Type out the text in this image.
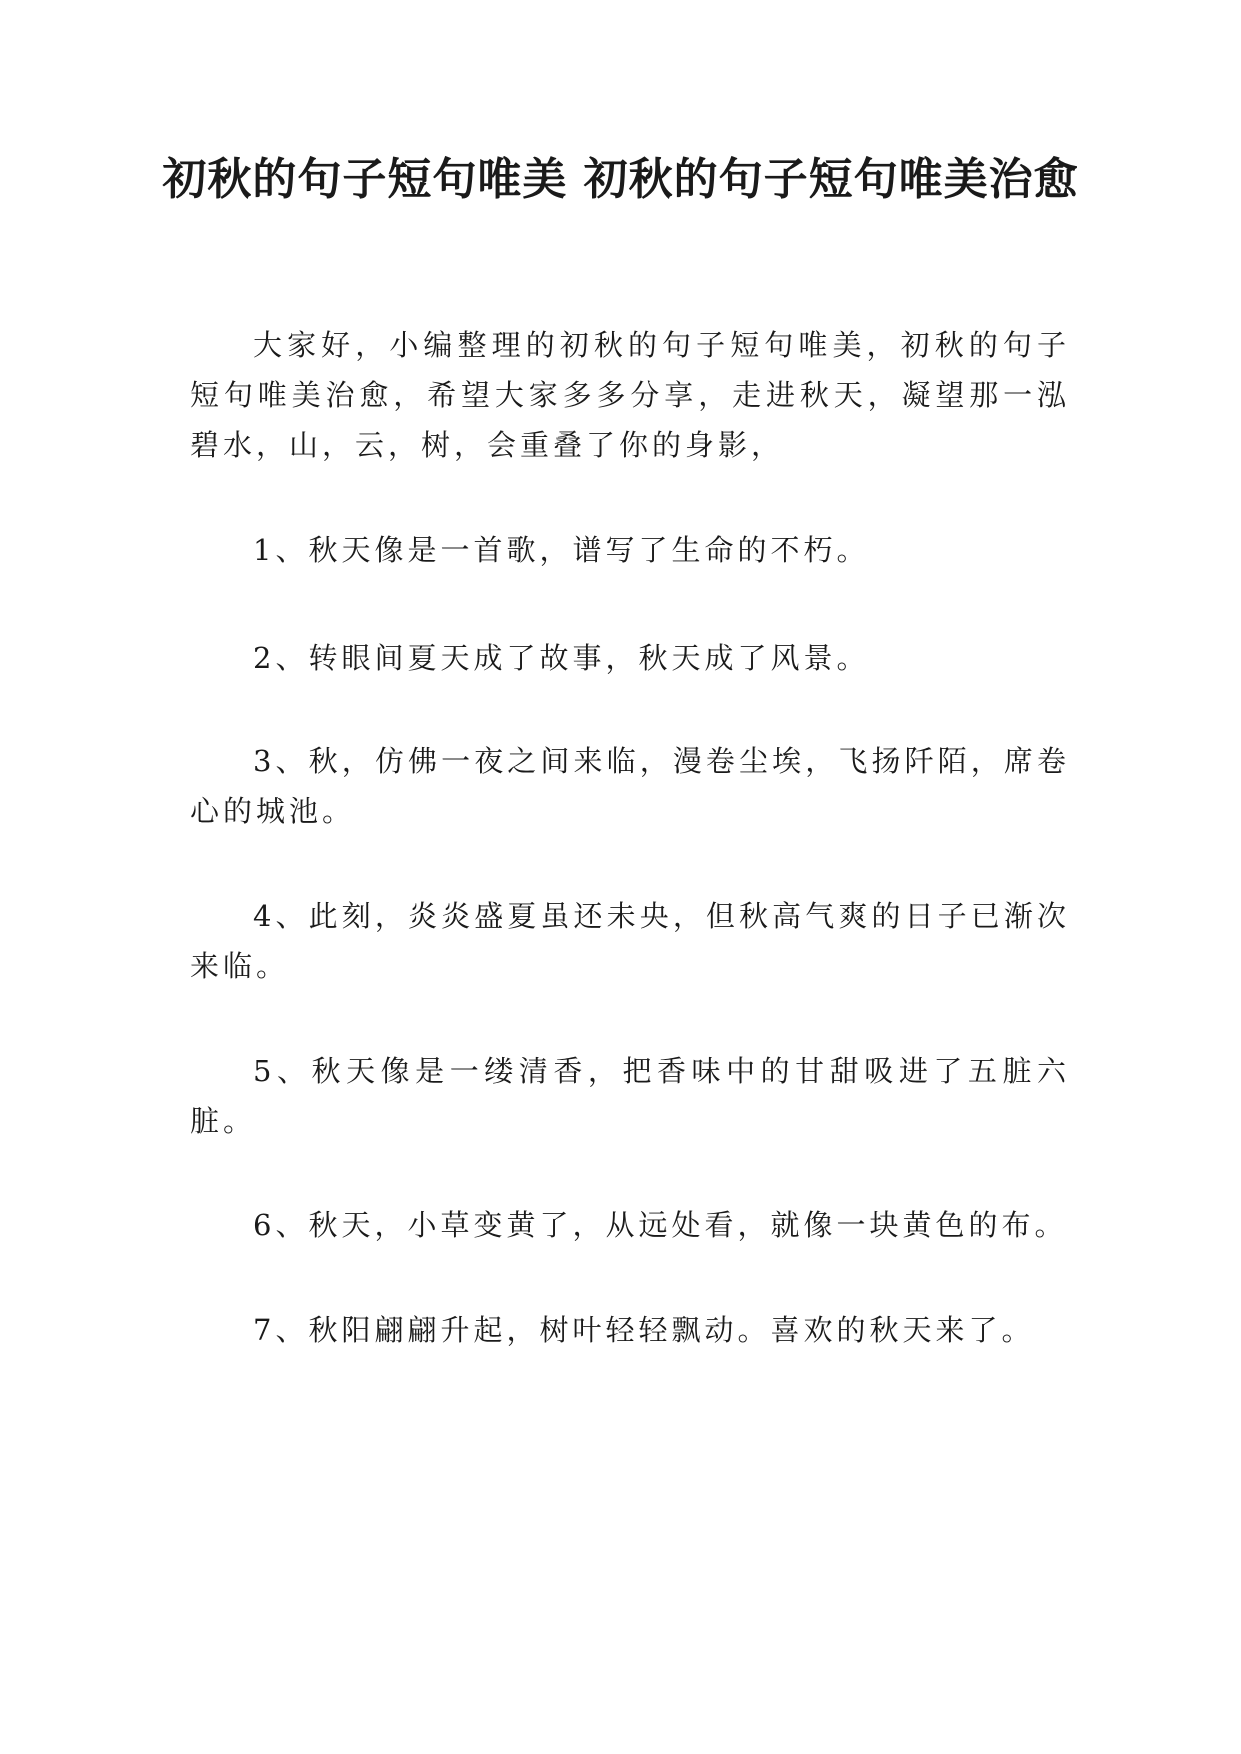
初秋的句子短句唯美 初秋的句子短句唯美治愈

大家好，小编整理的初秋的句子短句唯美，初秋的句子短句唯美治愈，希望大家多多分享，走进秋天，凝望那一泓碧水，山，云，树，会重叠了你的身影，

1、秋天像是一首歌，谱写了生命的不朽。

2、转眼间夏天成了故事，秋天成了风景。

3、秋，仿佛一夜之间来临，漫卷尘埃，飞扬阡陌，席卷心的城池。

4、此刻，炎炎盛夏虽还未央，但秋高气爽的日子已渐次来临。

5、秋天像是一缕清香，把香味中的甘甜吸进了五脏六脏。

6、秋天，小草变黄了，从远处看，就像一块黄色的布。

7、秋阳翩翩升起，树叶轻轻飘动。喜欢的秋天来了。
